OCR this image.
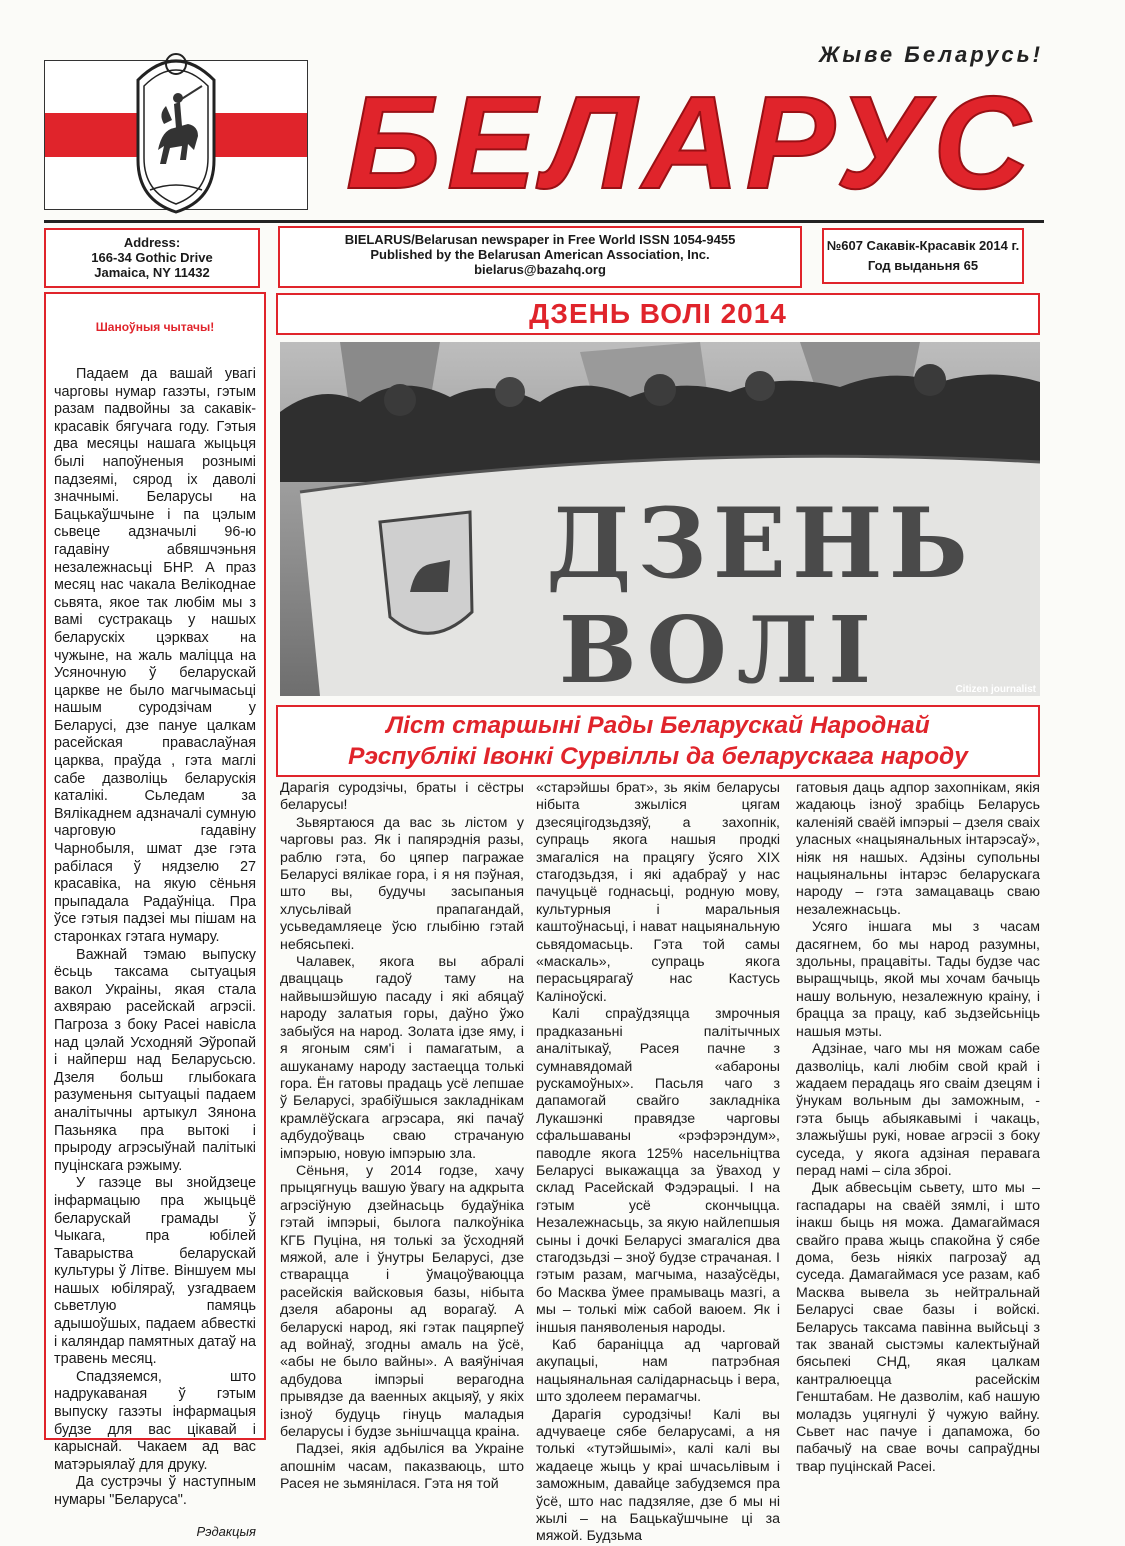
Жыве Беларусь!
БЕЛАРУС
Address:
166-34 Gothic Drive
Jamaica, NY 11432
BIELARUS/Belarusan newspaper in Free World ISSN 1054-9455
Published by the Belarusan American Association, Inc.
bielarus@bazahq.org
№607 Сакавік-Красавік 2014 г.
Год выданьня 65
Шаноўныя чытачы!

Падаем да вашай увагі чарговы нумар газэты, гэтым разам падвойны за сакавік-красавік бягучага году. Гэтыя два месяцы нашага жыцьця былі напоўненыя рознымі падзеямі, сярод іх даволі значнымі. Беларусы на Бацькаўшчыне і па цэлым сьвеце адзначылі 96-ю гадавіну абвяшчэньня незалежнасьці БНР. А праз месяц нас чакала Велікоднае сьвята, якое так любім мы з вамі сустракаць у нашых беларускіх цэрквах на чужыне, на жаль маліцца на Усяночную ў беларускай царкве не было магчымасьці нашым суродзічам у Беларусі, дзе пануе цалкам расейская праваслаўная царква, праўда , гэта маглі сабе дазволіць беларускія каталікі. Сьледам за Вялікаднем адзначалі сумную чарговую гадавіну Чарнобыля, шмат дзе гэта рабілася ў нядзелю 27 красавіка, на якую сёньня прыпадала Радаўніца. Пра ўсе гэтыя падзеі мы пішам на старонках гэтага нумару.

Важнай тэмаю выпуску ёсьць таксама сытуацыя вакол Украіны, якая стала ахвяраю расейскай агрэсіі. Пагроза з боку Расеі навісла над цэлай Усходняй Эўропай і найперш над Беларусьсю. Дзеля больш глыбокага разуменьня сытуацыі падаем аналітычны артыкул Зянона Пазьняка пра вытокі і прыроду агрэсыўнай палітыкі пуцінскага рэжыму.

У газэце вы знойдзеце інфармацыю пра жыцьцё беларускай грамады ў Чыкага, пра юбілей Таварыства беларускай культуры ў Літве. Віншуем мы нашых юбіляраў, узгадваем сьветлую памяць адышоўшых, падаем абвесткі і каляндар памятных датаў на травень месяц.

Спадзяемся, што надрукаваная ў гэтым выпуску газэты інфармацыя будзе для вас цікавай і карыснай. Чакаем ад вас матэрыялаў для друку.

Да сустрэчы ў наступным нумары "Беларуса".

Рэдакцыя
ДЗЕНЬ ВОЛІ 2014
ДЗЕНЬ
ВОЛІ	Citizen journalist
Ліст старшыні Рады Беларускай Народнай
Рэспублікі Івонкі Сурвіллы да беларускага народу

Дарагія суродзічы, браты і сёстры беларусы!

Зьвяртаюся да вас зь лістом у чарговы раз. Як і папярэднія разы, раблю гэта, бо цяпер пагражае Беларусі вялікае гора, і я ня пэўная, што вы, будучы засыпаныя хлусьлівай прапагандай, усьведамляеце ўсю глыбіню гэтай небясьпекі.

Чалавек, якога вы абралі дваццаць гадоў таму на найвышэйшую пасаду і які абяцаў народу залатыя горы, даўно ўжо забыўся на народ. Золата ідзе яму, і я ягоным сям'і і памагатым, а ашуканаму народу застаецца толькі гора. Ён гатовы прадаць усё лепшае ў Беларусі, зрабіўшыся закладнікам крамлёўскага агрэсара, які пачаў адбудоўваць сваю страчаную імпэрыю, новую імпэрыю зла.

Сёньня, у 2014 годзе, хачу прыцягнуць вашую ўвагу на адкрыта агрэсіўную дзейнасьць будаўніка гэтай імпэрыі, былога палкоўніка КГБ Пуціна, ня толькі за ўсходняй мяжой, але і ўнутры Беларусі, дзе стварацца і ўмацоўваюцца расейскія вайсковыя базы, нібыта дзеля абароны ад ворагаў. А беларускі народ, які гэтак пацярпеў ад войнаў, згодны амаль на ўсё, «абы не было вайны». А ваяўнічая адбудова імпэрыі верагодна прывядзе да ваенных акцыяў, у якіх ізноў будуць гінуць маладыя беларусы і будзе зьнішчацца краіна.

Падзеі, якія адбыліся ва Украіне апошнім часам, паказваюць, што Расея не зьмянілася. Гэта ня той

«старэйшы брат», зь якім беларусы нібыта зжыліся цягам дзесяцігодзьдзяў, а захопнік, супраць якога нашыя продкі змагаліся на працягу ўсяго XIX стагодзьдзя, і які адабраў у нас пачуцьцё годнасьці, родную мову, культурныя і маральныя каштоўнасьці, і нават нацыянальную сьвядомасьць. Гэта той самы «маскаль», супраць якога перасьцярагаў нас Кастусь Каліноўскі.

Калі спраўдзяцца змрочныя прадказаньні палітычных аналітыкаў, Расея пачне з сумнавядомай «абароны рускамоўных». Пасьля чаго з дапамогай свайго закладніка Лукашэнкі правядзе чарговы сфальшаваны «рэфэрэндум», паводле якога 125% насельніцтва Беларусі выкажацца за ўваход у склад Расейскай Фэдэрацыі. І на гэтым усё скончыцца. Незалежнасьць, за якую найлепшыя сыны і дочкі Беларусі змагаліся два стагодзьдзі – зноў будзе страчаная. І гэтым разам, магчыма, назаўсёды, бо Масква ўмее прамываць мазгі, а мы – толькі між сабой ваюем. Як і іншыя паняволеныя народы.

Каб бараніцца ад чарговай акупацыі, нам патрэбная нацыянальная салідарнасьць і вера, што здолеем перамагчы.

Дарагія суродзічы! Калі вы адчуваеце сябе беларусамі, а ня толькі «тутэйшымі», калі калі вы жадаеце жыць у краі шчасьлівым і заможным, давайце забудземся пра ўсё, што нас падзяляе, дзе б мы ні жылі – на Бацькаўшчыне ці за мяжой. Будзьма

гатовыя даць адпор захопнікам, якія жадаюць ізноў зрабіць Беларусь каленіяй сваёй імпэрыі – дзеля сваіх уласных «нацыянальных інтарэсаў», ніяк ня нашых. Адзіны супольны нацыянальны інтарэс беларускага народу – гэта замацаваць сваю незалежнасьць.

Усяго іншага мы з часам дасягнем, бо мы народ разумны, здольны, працавіты. Тады будзе час выращчыць, якой мы хочам бачыць нашу вольную, незалежную краіну, і брацца за працу, каб зьдзейсьніць нашыя мэты.

Адзінае, чаго мы ня можам сабе дазволіць, калі любім свой край і жадаем перадаць яго сваім дзецям і ўнукам вольным ды заможным, - гэта быць абыякавымі і чакаць, злажыўшы рукі, новае агрэсіі з боку суседа, у якога адзіная перавага перад намі – сіла зброі.

Дык абвесьцім сьвету, што мы – гаспадары на сваёй зямлі, і што інакш быць ня можа. Дамагаймася свайго права жыць спакойна ў сябе дома, безь ніякіх пагрозаў ад суседа. Дамагаймася усе разам, каб Масква вывела зь нейтральнай Беларусі свае базы і войскі. Беларусь таксама павінна выйсьці з так званай сыстэмы калектыўнай бясьпекі СНД, якая цалкам кантралюецца расейскім Генштабам. Не дазволім, каб нашую моладзь уцягнулі ў чужую вайну. Сьвет нас пачуе і дапаможа, бо пабачыў на свае вочы сапраўдны твар пуцінскай Расеі.
